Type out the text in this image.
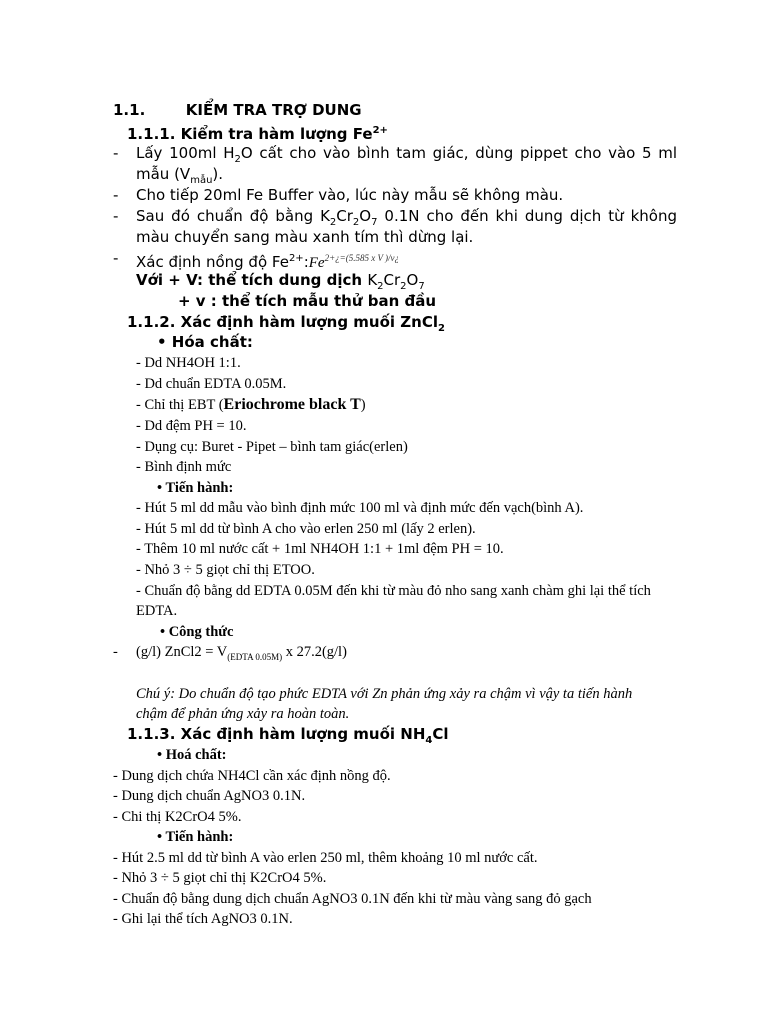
1.1.	KIỂM TRA TRỢ DUNG
1.1.1. Kiểm tra hàm lượng $Fe^{2+}$
- Lấy 100ml $H_2O$ cất cho vào bình tam giác, dùng pippet cho vào 5 ml
mẫu $(V_{mẫu})$.
- Cho tiếp 20ml Fe Buffer vào, lúc này mẫu sẽ không màu.
- Sau đó chuẩn độ bằng $K_2Cr_2O_7$ 0.1N cho đến khi dung dịch từ không
màu chuyển sang màu xanh tím thì dừng lại.
- Xác định nồng độ $Fe^{2+}:Fe^{2+¿=(5.585 x V )/v¿}$
Với + V: thể tích dung dịch $K_2Cr_2O_7$
+ v : thể tích mẫu thử ban đầu
1.1.2. Xác định hàm lượng muối ZnCl$_2$
• Hóa chất:
- Dd NH4OH 1:1.
- Dd chuẩn EDTA 0.05M.
- Chỉ thị EBT (Eriochrome black T)
- Dd đệm PH = 10.
- Dụng cụ: Buret - Pipet – bình tam giác(erlen)
- Bình định mức
• Tiến hành:
- Hút 5 ml dd mẫu vào bình định mức 100 ml và định mức đến vạch(bình A).
- Hút 5 ml dd từ bình A cho vào erlen 250 ml (lấy 2 erlen).
- Thêm 10 ml nước cất + 1ml NH4OH 1:1 + 1ml đệm PH = 10.
- Nhỏ 3 ÷ 5 giọt chỉ thị ETOO.
- Chuẩn độ bằng dd EDTA 0.05M đến khi từ màu đỏ nho sang xanh chàm ghi lại thể tích
EDTA.
• Công thức
- (g/l) ZnCl2 = $V_{(EDTA 0.05M)}$ x 27.2(g/l)
Chú ý: Do chuẩn độ tạo phức EDTA với Zn phản ứng xảy ra chậm vì vậy ta tiến hành
chậm để phản ứng xảy ra hoàn toàn.
1.1.3. Xác định hàm lượng muối $NH_4Cl$
• Hoá chất:
- Dung dịch chứa NH4Cl cần xác định nồng độ.
- Dung dịch chuẩn AgNO3 0.1N.
- Chi thị K2CrO4 5%.
• Tiến hành:
- Hút 2.5 ml dd từ bình A vào erlen 250 ml, thêm khoảng 10 ml nước cất.
- Nhỏ 3 ÷ 5 giọt chỉ thị K2CrO4 5%.
- Chuẩn độ bằng dung dịch chuẩn AgNO3 0.1N đến khi từ màu vàng sang đỏ gạch
- Ghi lại thể tích AgNO3 0.1N.
